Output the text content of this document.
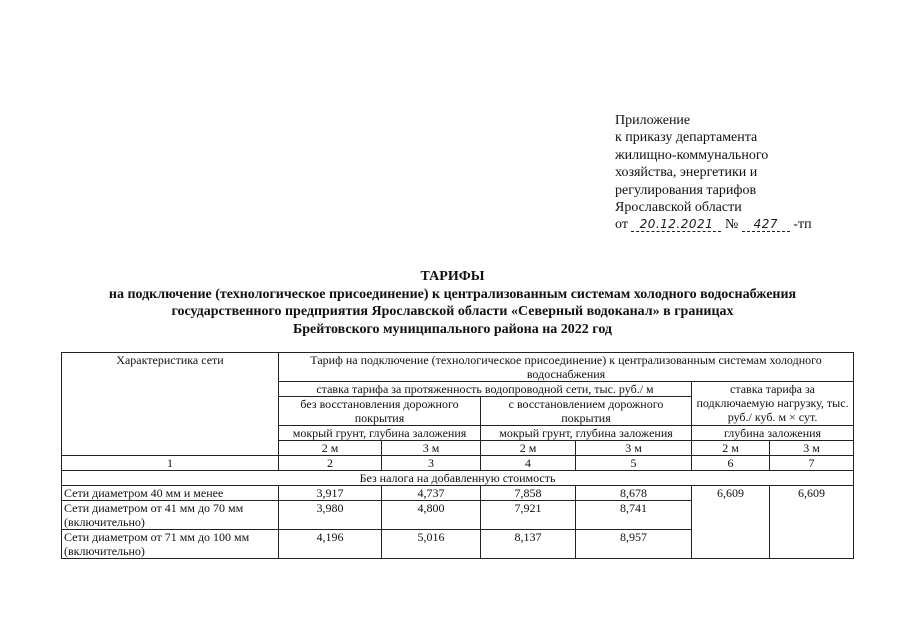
Приложение
к приказу департамента
жилищно-коммунального
хозяйства, энергетики и
регулирования тарифов
Ярославской области
от 20.12.2021 № 427 -тп
ТАРИФЫ
на подключение (технологическое присоединение) к централизованным системам холодного водоснабжения
государственного предприятия Ярославской области «Северный водоканал» в границах
Брейтовского муниципального района на 2022 год
Характеристика сети	Тариф на подключение (технологическое присоединение) к централизованным системам холодного водоснабжения					
	ставка тарифа за протяженность водопроводной сети, тыс. руб./ м				ставка тарифа за подключаемую нагрузку, тыс. руб./ куб. м × сут.	
	без восстановления дорожного покрытия		с восстановлением дорожного покрытия			
	мокрый грунт, глубина заложения		мокрый грунт, глубина заложения		глубина заложения	
	2 м	3 м	2 м	3 м	2 м	3 м
1	2	3	4	5	6	7
Без налога на добавленную стоимость						
Сети диаметром 40 мм и менее	3,917	4,737	7,858	8,678	6,609	6,609
Сети диаметром от 41 мм до 70 мм (включительно)	3,980	4,800	7,921	8,741		
Сети диаметром от 71 мм до 100 мм (включительно)	4,196	5,016	8,137	8,957		
